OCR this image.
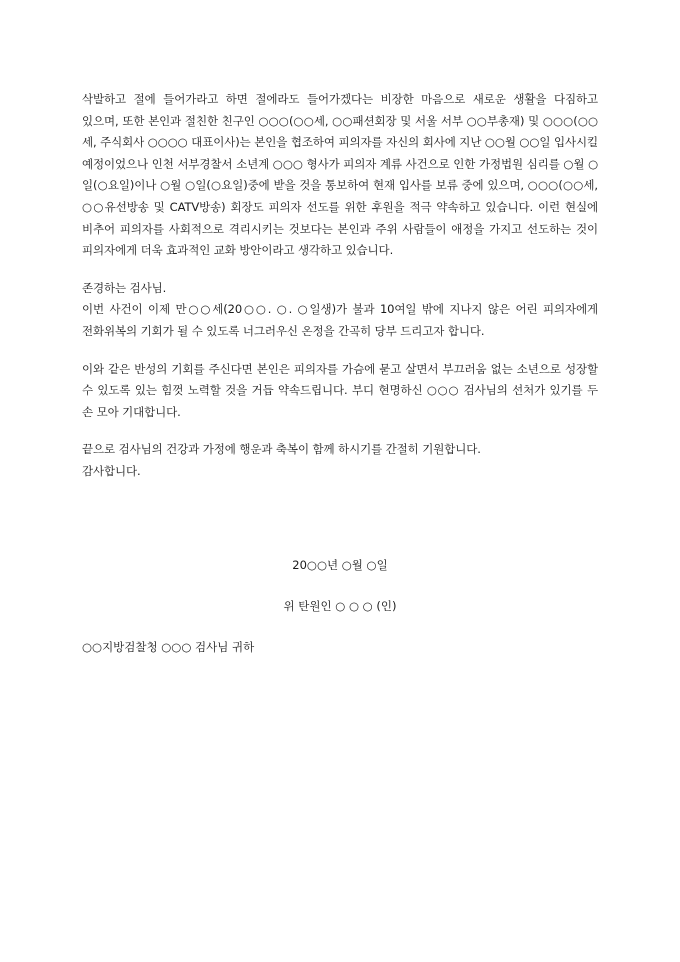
삭발하고 절에 들어가라고 하면 절에라도 들어가겠다는 비장한 마음으로 새로운 생활을 다짐하고 있으며, 또한 본인과 절친한 친구인 ○○○(○○세, ○○패션회장 및 서울 서부 ○○부총재) 및 ○○○(○○세, 주식회사 ○○○○ 대표이사)는 본인을 협조하여 피의자를 자신의 회사에 지난 ○○월 ○○일 입사시킬 예정이었으나 인천 서부경찰서 소년계 ○○○ 형사가 피의자 계류 사건으로 인한 가정법원 심리를 ○월 ○일(○요일)이나 ○월 ○일(○요일)중에 받을 것을 통보하여 현재 입사를 보류 중에 있으며, ○○○(○○세, ○○유선방송 및 CATV방송) 회장도 피의자 선도를 위한 후원을 적극 약속하고 있습니다. 이런 현실에 비추어 피의자를 사회적으로 격리시키는 것보다는 본인과 주위 사람들이 애정을 가지고 선도하는 것이 피의자에게 더욱 효과적인 교화 방안이라고 생각하고 있습니다.

존경하는 검사님.

이번 사건이 이제 만○○세(20○○. ○. ○일생)가 불과 10여일 밖에 지나지 않은 어린 피의자에게 전화위복의 기회가 될 수 있도록 너그러우신 온정을 간곡히 당부 드리고자 합니다.

이와 같은 반성의 기회를 주신다면 본인은 피의자를 가슴에 묻고 살면서 부끄러움 없는 소년으로 성장할 수 있도록 있는 힘껏 노력할 것을 거듭 약속드립니다. 부디 현명하신 ○○○ 검사님의 선처가 있기를 두 손 모아 기대합니다.

끝으로 검사님의 건강과 가정에 행운과 축복이 함께 하시기를 간절히 기원합니다.

감사합니다.

20○○년 ○월 ○일

위 탄원인 ○ ○ ○ (인)

○○지방검찰청 ○○○ 검사님 귀하
